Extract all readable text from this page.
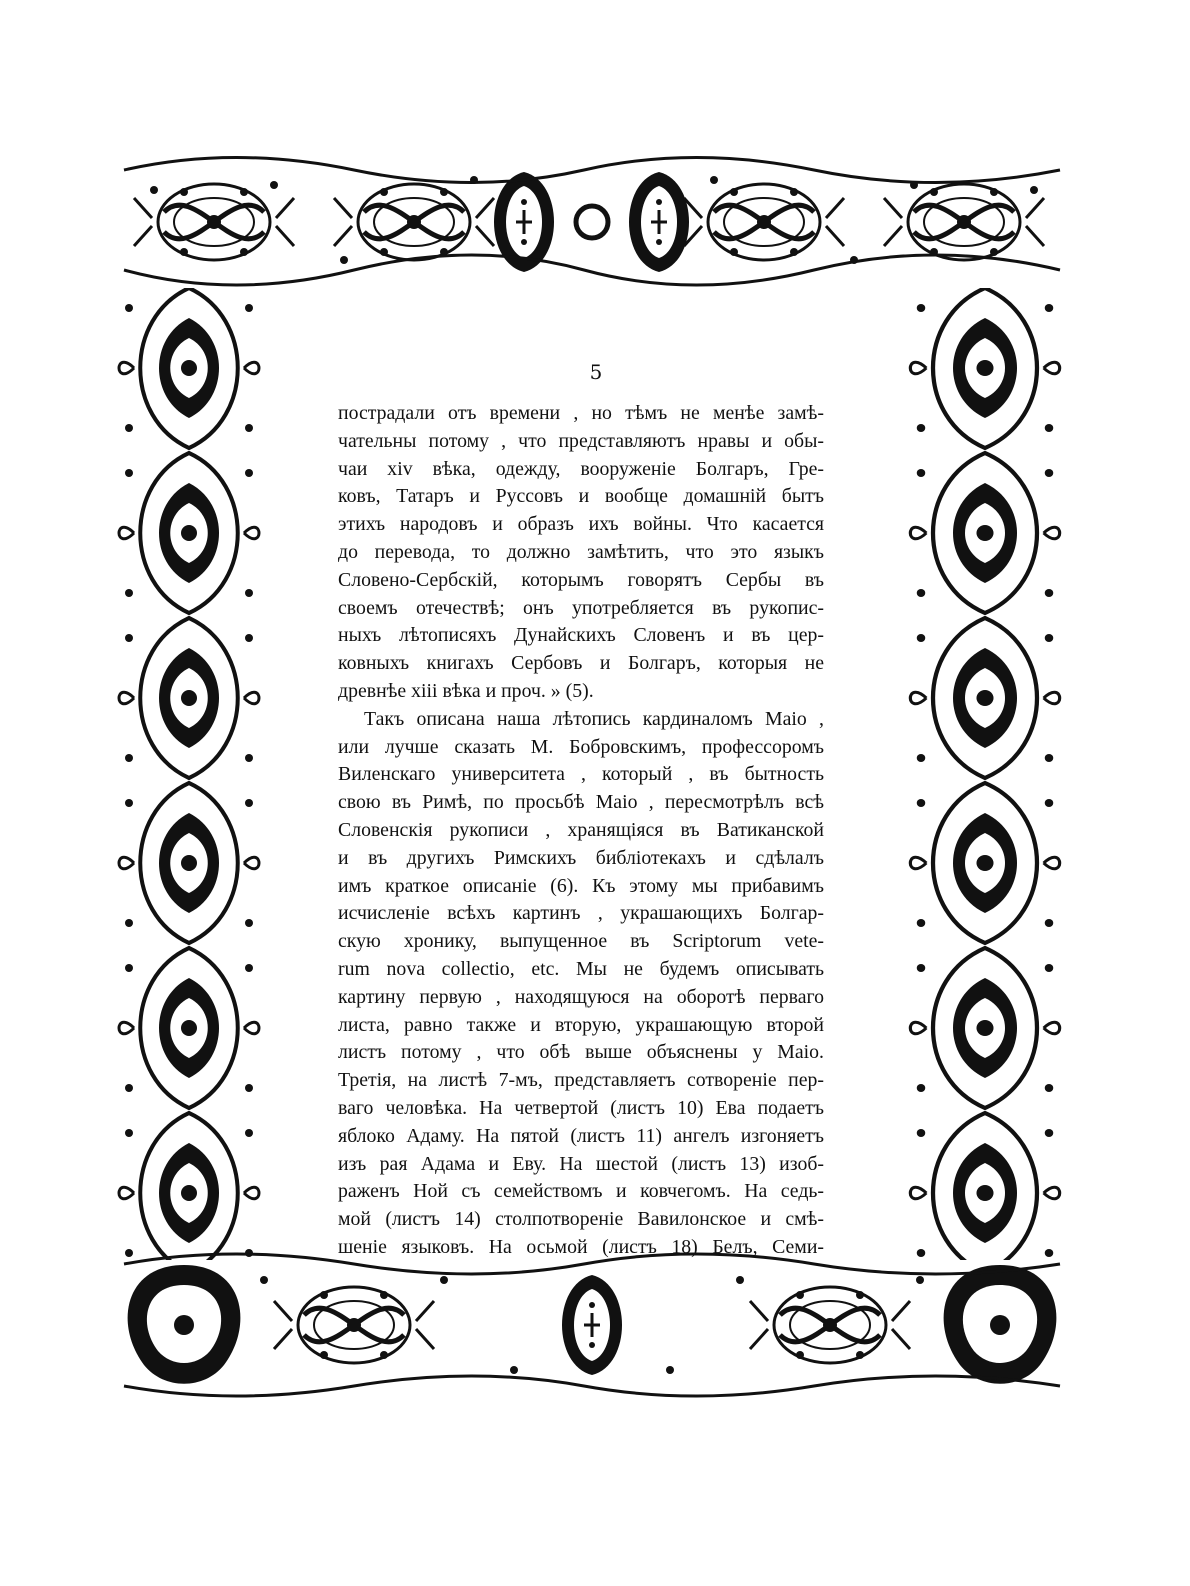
5
пострадали отъ времени , но тѣмъ не менѣе замѣ-
чательны потому , что представляютъ нравы и обы-
чаи xiv вѣка, одежду, вооруженіе Болгаръ, Гре-
ковъ, Татаръ и Руссовъ и вообще домашній бытъ
этихъ народовъ и образъ ихъ войны. Что касается
до перевода, то должно замѣтить, что это языкъ
Словено-Сербскій, которымъ говорятъ Сербы въ
своемъ отечествѣ; онъ употребляется въ рукопис-
ныхъ лѣтописяхъ Дунайскихъ Словенъ и въ цер-
ковныхъ книгахъ Сербовъ и Болгаръ, которыя не
древнѣе xiii вѣка и проч. » (5).
Такъ описана наша лѣтопись кардиналомъ Маіо ,
или лучше сказать М. Бобровскимъ, профессоромъ
Виленскаго университета , который , въ бытность
свою въ Римѣ, по просьбѣ Маіо , пересмотрѣлъ всѣ
Словенскія рукописи , хранящіяся въ Ватиканской
и въ другихъ Римскихъ библіотекахъ и сдѣлалъ
имъ краткое описаніе (6). Къ этому мы прибавимъ
исчисленіе всѣхъ картинъ , украшающихъ Болгар-
скую хронику, выпущенное въ Scriptorum vete-
rum nova collectio, etc. Мы не будемъ описывать
картину первую , находящуюся на оборотѣ перваго
листа, равно также и вторую, украшающую второй
листъ потому , что обѣ выше объяснены у Маіо.
Третія, на листѣ 7-мъ, представляетъ сотвореніе пер-
ваго человѣка. На четвертой (листъ 10) Ева подаетъ
яблоко Адаму. На пятой (листъ 11) ангелъ изгоняетъ
изъ рая Адама и Еву. На шестой (листъ 13) изоб-
раженъ Ной съ семействомъ и ковчегомъ. На седь-
мой (листъ 14) столпотвореніе Вавилонское и смѣ-
шеніе языковъ. На осьмой (листъ 18) Белъ, Семи-
